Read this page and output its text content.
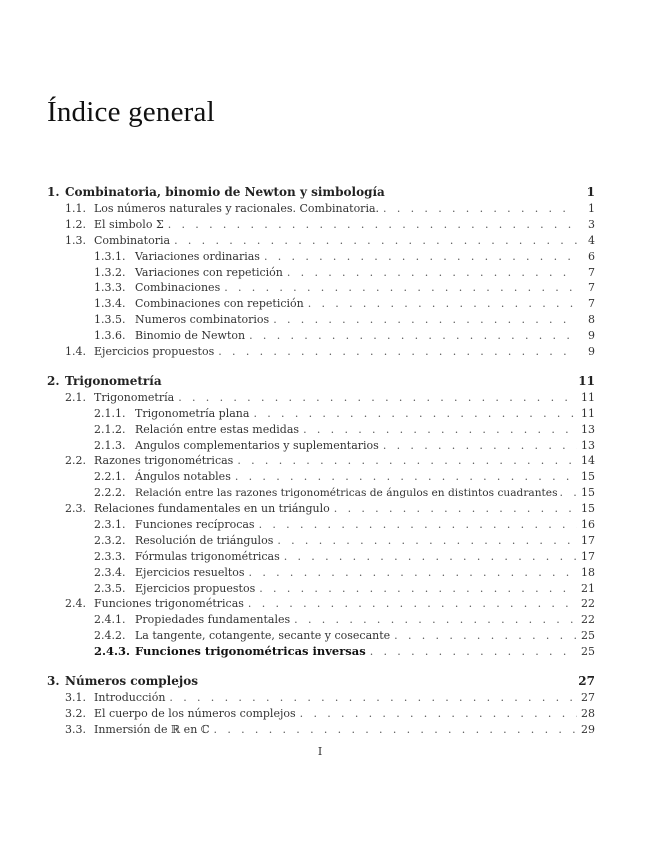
Índice general
1. Combinatoria, binomio de Newton y simbología	1
1.1. Los números naturales y racionales. Combinatoria. . . .	1
1.2. El simbolo Σ . . .	3
1.3. Combinatoria . . .	4
1.3.1. Variaciones ordinarias . . .	6
1.3.2. Variaciones con repetición . . .	7
1.3.3. Combinaciones . . .	7
1.3.4. Combinaciones con repetición . . .	7
1.3.5. Numeros combinatorios . . .	8
1.3.6. Binomio de Newton . . .	9
1.4. Ejercicios propuestos . . .	9
2. Trigonometría	11
2.1. Trigonometría . . .	11
2.1.1. Trigonometría plana . . .	11
2.1.2. Relación entre estas medidas . . .	13
2.1.3. Angulos complementarios y suplementarios . . .	13
2.2. Razones trigonométricas . . .	14
2.2.1. Ángulos notables . . .	15
2.2.2. Relación entre las razones trigonométricas de ángulos en distintos cuadrantes . . . 15
2.3. Relaciones fundamentales en un triángulo . . .	15
2.3.1. Funciones recíprocas . . .	16
2.3.2. Resolución de triángulos . . .	17
2.3.3. Fórmulas trigonométricas . . .	17
2.3.4. Ejercicios resueltos . . .	18
2.3.5. Ejercicios propuestos . . .	21
2.4. Funciones trigonométricas . . .	22
2.4.1. Propiedades fundamentales . . .	22
2.4.2. La tangente, cotangente, secante y cosecante . . .	25
2.4.3. Funciones trigonométricas inversas . . .	25
3. Números complejos	27
3.1. Introducción . . .	27
3.2. El cuerpo de los números complejos . . .	28
3.3. Inmersión de ℝ en ℂ . . .	29
I
